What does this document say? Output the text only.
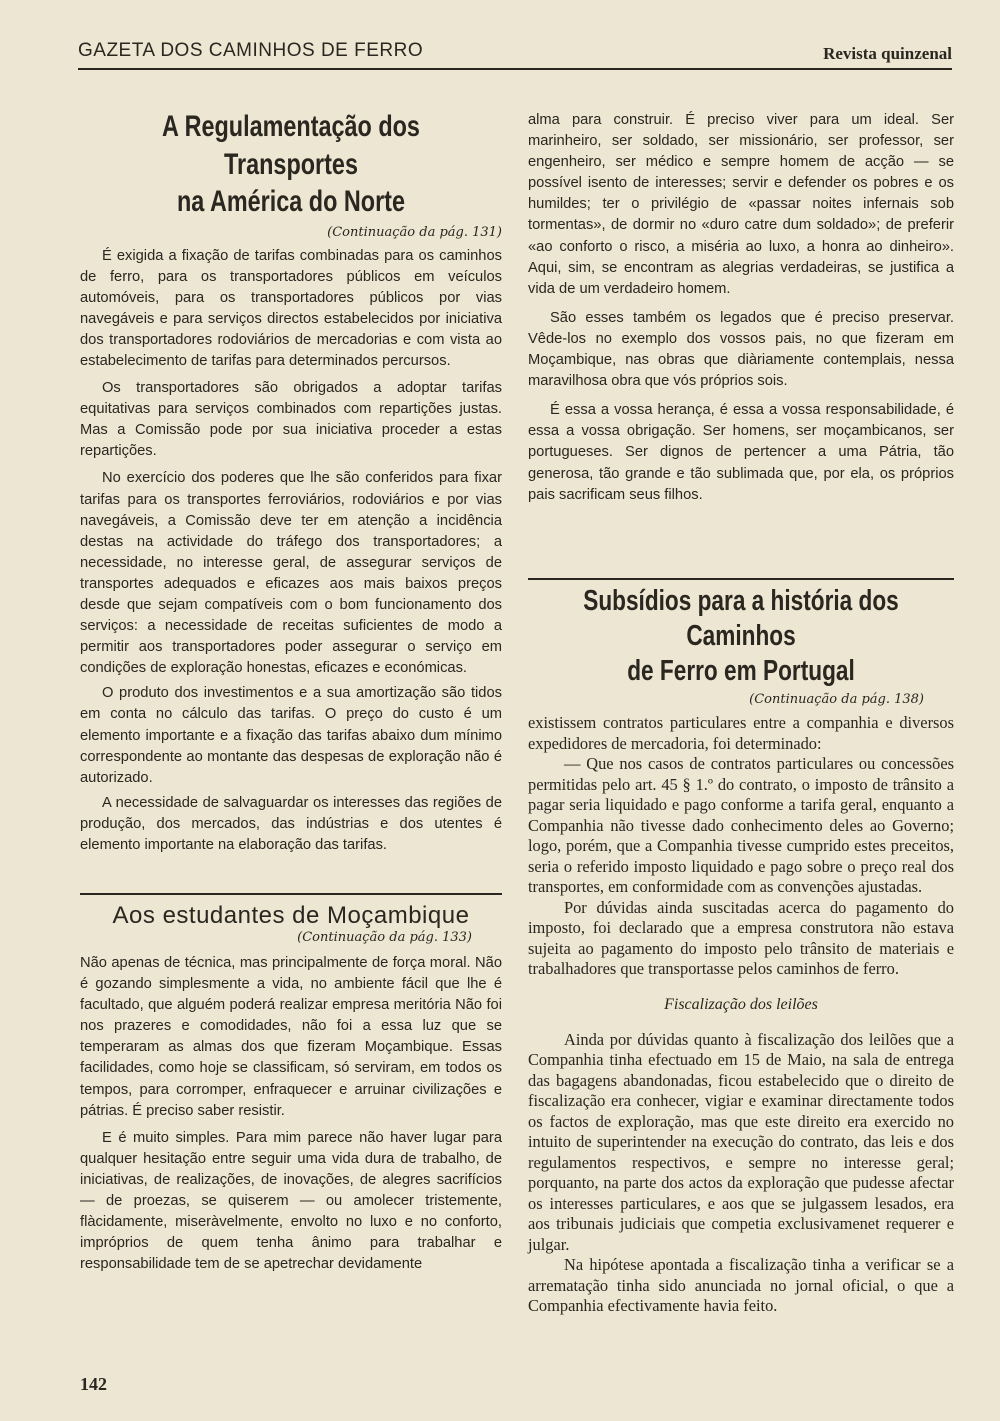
GAZETA DOS CAMINHOS DE FERRO	Revista quinzenal
A Regulamentação dos Transportes
na América do Norte
(Continuação da pág. 131)

É exigida a fixação de tarifas combinadas para os caminhos de ferro, para os transportadores públicos em veículos automóveis, para os transportadores públicos por vias navegáveis e para serviços directos estabelecidos por iniciativa dos transportadores rodoviários de mercadorias e com vista ao estabelecimento de tarifas para determinados percursos.

Os transportadores são obrigados a adoptar tarifas equitativas para serviços combinados com repartições justas. Mas a Comissão pode por sua iniciativa proceder a estas repartições.

No exercício dos poderes que lhe são conferidos para fixar tarifas para os transportes ferroviários, rodoviários e por vias navegáveis, a Comissão deve ter em atenção a incidência destas na actividade do tráfego dos transportadores; a necessidade, no interesse geral, de assegurar serviços de transportes adequados e eficazes aos mais baixos preços desde que sejam compatíveis com o bom funcionamento dos serviços: a necessidade de receitas suficientes de modo a permitir aos transportadores poder assegurar o serviço em condições de exploração honestas, eficazes e económicas.

O produto dos investimentos e a sua amortização são tidos em conta no cálculo das tarifas. O preço do custo é um elemento importante e a fixação das tarifas abaixo dum mínimo correspondente ao montante das despesas de exploração não é autorizado.

A necessidade de salvaguardar os interesses das regiões de produção, dos mercados, das indústrias e dos utentes é elemento importante na elaboração das tarifas.

Aos estudantes de Moçambique
(Continuação da pág. 133)

Não apenas de técnica, mas principalmente de força moral. Não é gozando simplesmente a vida, no ambiente fácil que lhe é facultado, que alguém poderá realizar empresa meritória Não foi nos prazeres e comodidades, não foi a essa luz que se temperaram as almas dos que fizeram Moçambique. Essas facilidades, como hoje se classificam, só serviram, em todos os tempos, para corromper, enfraquecer e arruinar civilizações e pátrias. É preciso saber resistir.

E é muito simples. Para mim parece não haver lugar para qualquer hesitação entre seguir uma vida dura de trabalho, de iniciativas, de realizações, de inovações, de alegres sacrifícios — de proezas, se quiserem — ou amolecer tristemente, flàcidamente, miseràvelmente, envolto no luxo e no conforto, impróprios de quem tenha ânimo para trabalhar e responsabilidade tem de se apetrechar devidamente

alma para construir. É preciso viver para um ideal. Ser marinheiro, ser soldado, ser missionário, ser professor, ser engenheiro, ser médico e sempre homem de acção — se possível isento de interesses; servir e defender os pobres e os humildes; ter o privilégio de «passar noites infernais sob tormentas», de dormir no «duro catre dum soldado»; de preferir «ao conforto o risco, a miséria ao luxo, a honra ao dinheiro». Aqui, sim, se encontram as alegrias verdadeiras, se justifica a vida de um verdadeiro homem.

São esses também os legados que é preciso preservar. Vêde-los no exemplo dos vossos pais, no que fizeram em Moçambique, nas obras que diàriamente contemplais, nessa maravilhosa obra que vós próprios sois.

É essa a vossa herança, é essa a vossa responsabilidade, é essa a vossa obrigação. Ser homens, ser moçambicanos, ser portugueses. Ser dignos de pertencer a uma Pátria, tão generosa, tão grande e tão sublimada que, por ela, os próprios pais sacrificam seus filhos.

Subsídios para a história dos Caminhos
de Ferro em Portugal
(Continuação da pág. 138)

existissem contratos particulares entre a companhia e diversos expedidores de mercadoria, foi determinado:

— Que nos casos de contratos particulares ou concessões permitidas pelo art. 45 § 1.º do contrato, o imposto de trânsito a pagar seria liquidado e pago conforme a tarifa geral, enquanto a Companhia não tivesse dado conhecimento deles ao Governo; logo, porém, que a Companhia tivesse cumprido estes preceitos, seria o referido imposto liquidado e pago sobre o preço real dos transportes, em conformidade com as convenções ajustadas.

Por dúvidas ainda suscitadas acerca do pagamento do imposto, foi declarado que a empresa construtora não estava sujeita ao pagamento do imposto pelo trânsito de materiais e trabalhadores que transportasse pelos caminhos de ferro.

Fiscalização dos leilões

Ainda por dúvidas quanto à fiscalização dos leilões que a Companhia tinha efectuado em 15 de Maio, na sala de entrega das bagagens abandonadas, ficou estabelecido que o direito de fiscalização era conhecer, vigiar e examinar directamente todos os factos de exploração, mas que este direito era exercido no intuito de superintender na execução do contrato, das leis e dos regulamentos respectivos, e sempre no interesse geral; porquanto, na parte dos actos da exploração que pudesse afectar os interesses particulares, e aos que se julgassem lesados, era aos tribunais judiciais que competia exclusivamenet requerer e julgar.

Na hipótese apontada a fiscalização tinha a verificar se a arrematação tinha sido anunciada no jornal oficial, o que a Companhia efectivamente havia feito.

142
